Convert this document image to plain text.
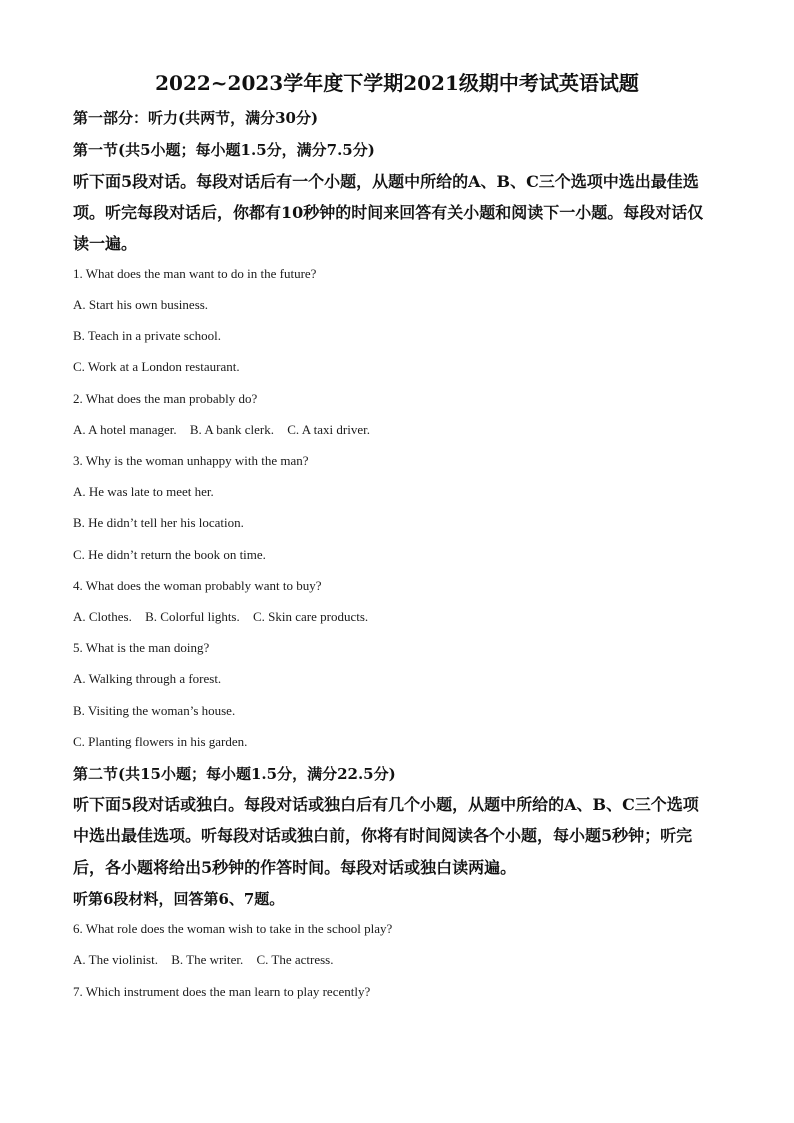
2022~2023学年度下学期2021级期中考试英语试题
第一部分：听力(共两节，满分30分)
第一节(共5小题；每小题1.5分，满分7.5分)
听下面5段对话。每段对话后有一个小题，从题中所给的A、B、C三个选项中选出最佳选
项。听完每段对话后，你都有10秒钟的时间来回答有关小题和阅读下一小题。每段对话仅
读一遍。
1. What does the man want to do in the future?
A. Start his own business.
B. Teach in a private school.
C. Work at a London restaurant.
2. What does the man probably do?
A. A hotel manager. B. A bank clerk. C. A taxi driver.
3. Why is the woman unhappy with the man?
A. He was late to meet her.
B. He didn’t tell her his location.
C. He didn’t return the book on time.
4. What does the woman probably want to buy?
A. Clothes. B. Colorful lights. C. Skin care products.
5. What is the man doing?
A. Walking through a forest.
B. Visiting the woman’s house.
C. Planting flowers in his garden.
第二节(共15小题；每小题1.5分，满分22.5分)
听下面5段对话或独白。每段对话或独白后有几个小题，从题中所给的A、B、C三个选项
中选出最佳选项。听每段对话或独白前，你将有时间阅读各个小题，每小题5秒钟；听完
后，各小题将给出5秒钟的作答时间。每段对话或独白读两遍。
听第6段材料，回答第6、7题。
6. What role does the woman wish to take in the school play?
A. The violinist. B. The writer. C. The actress.
7. Which instrument does the man learn to play recently?
